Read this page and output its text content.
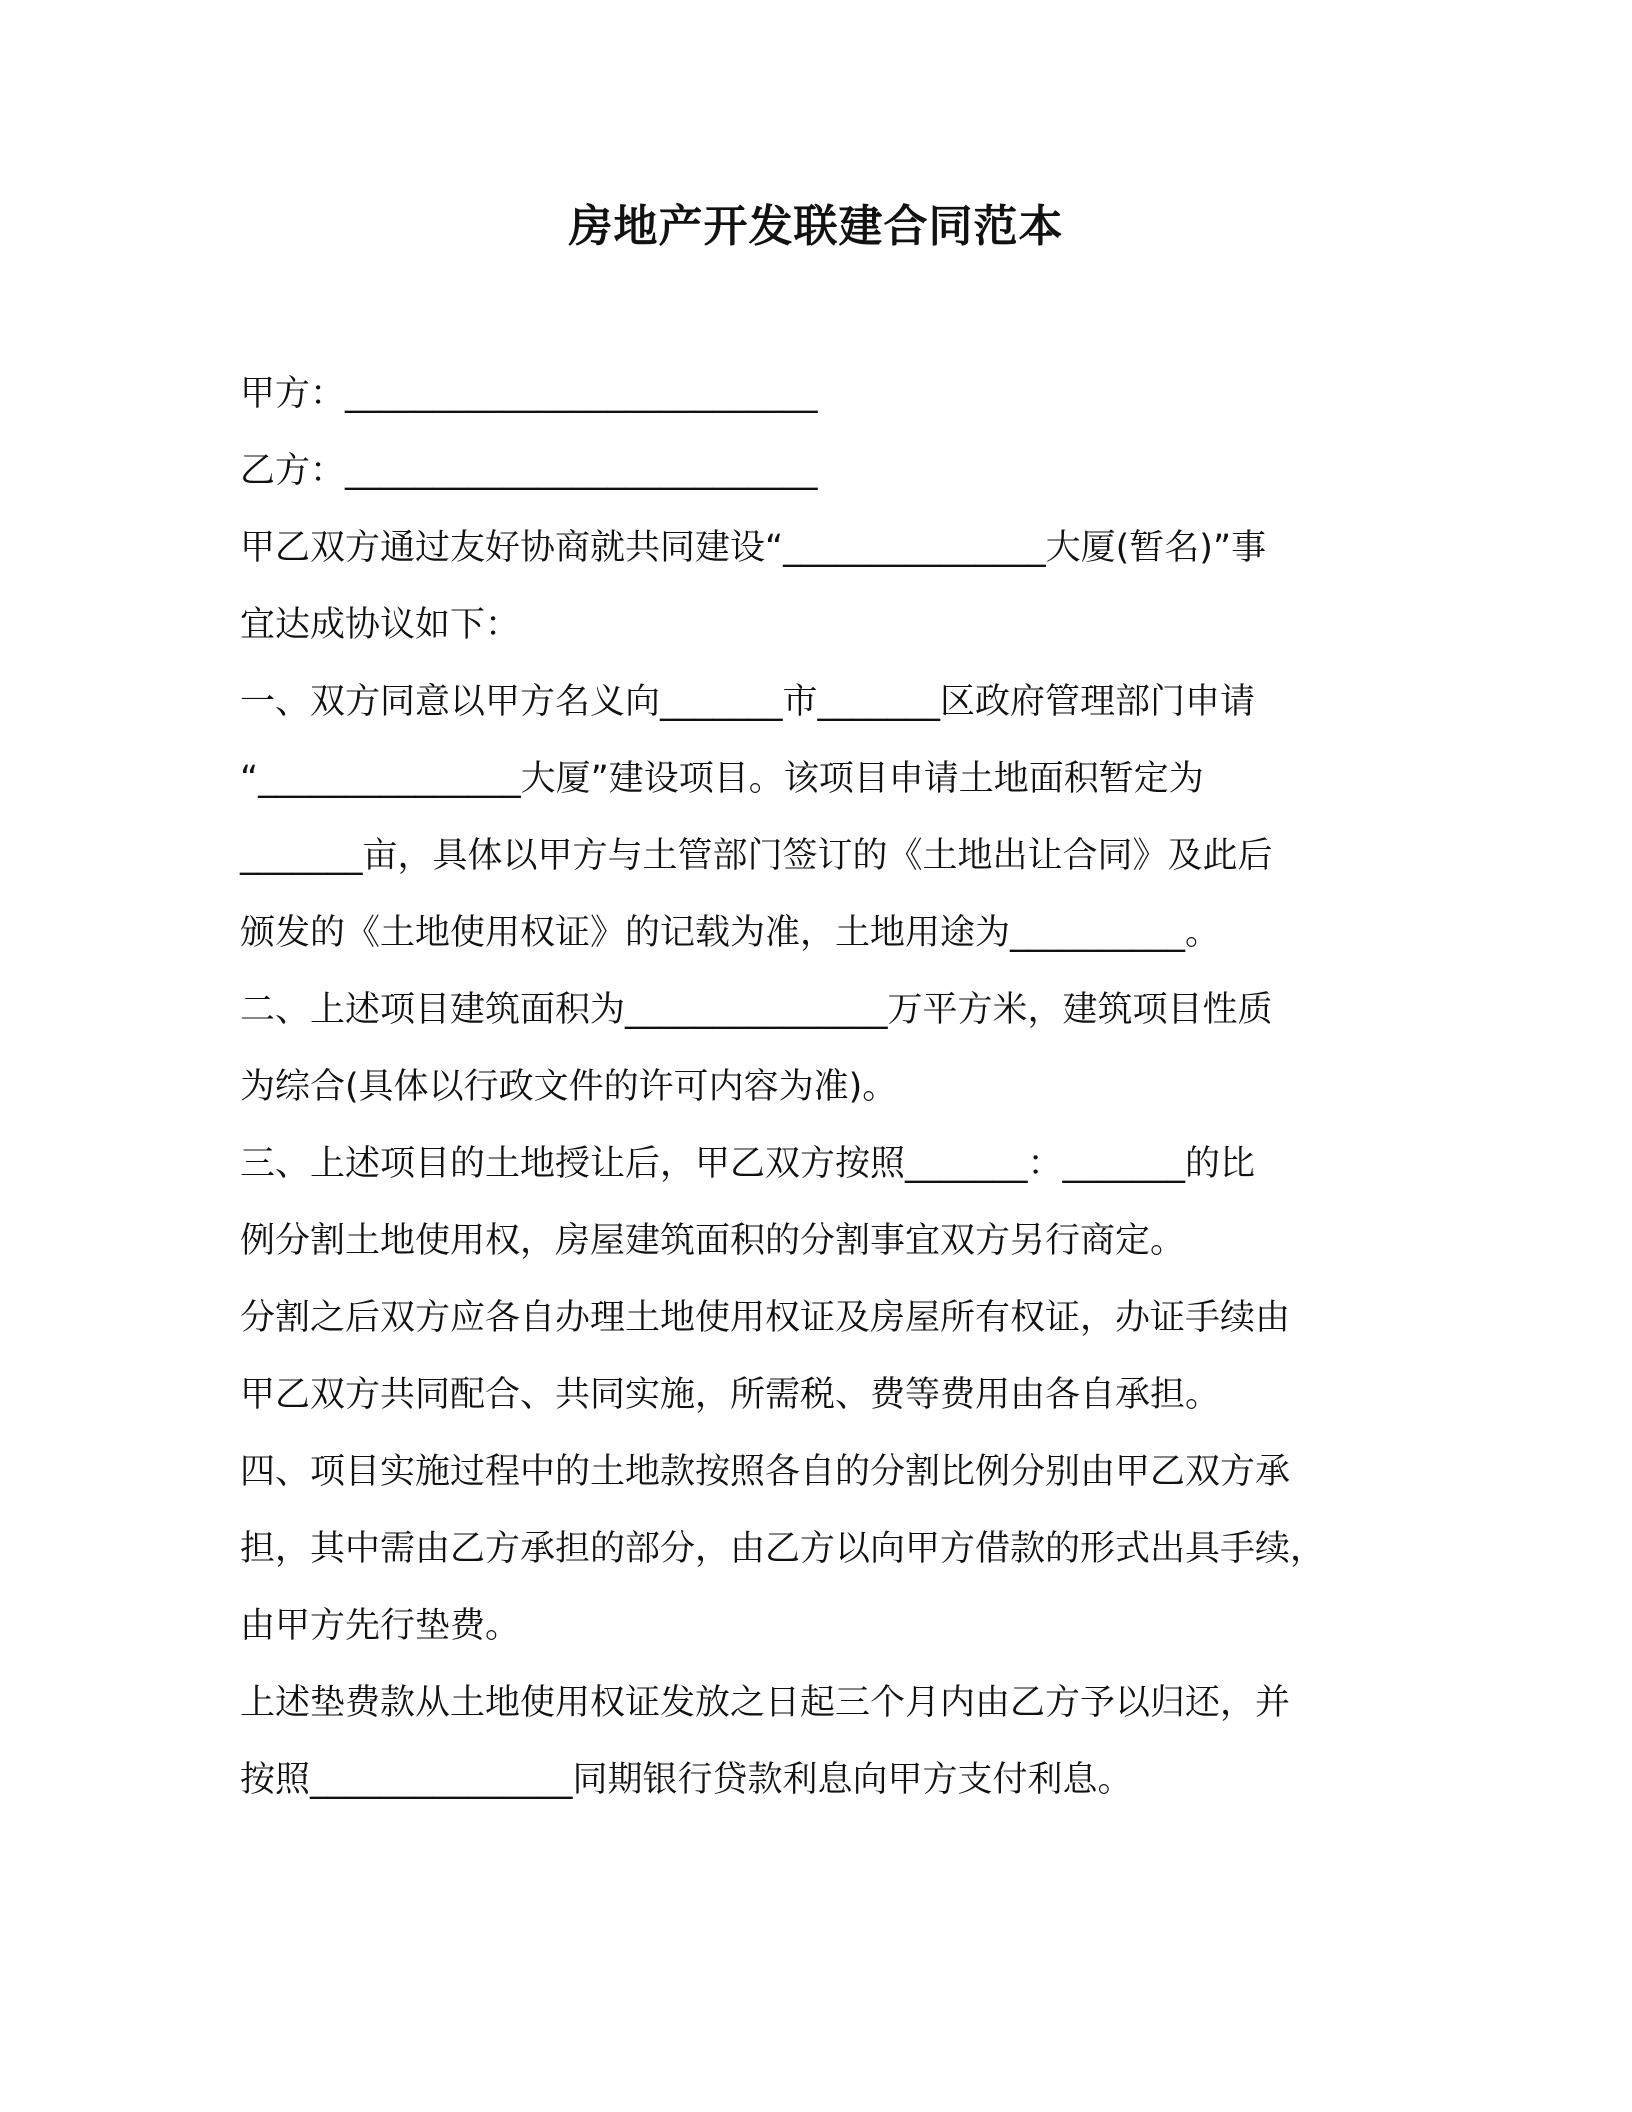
房地产开发联建合同范本
甲方：___________________________
乙方：___________________________
甲乙双方通过友好协商就共同建设“_______________大厦(暂名)”事
宜达成协议如下：
一、双方同意以甲方名义向_______市_______区政府管理部门申请
“_______________大厦”建设项目。该项目申请土地面积暂定为
_______亩，具体以甲方与土管部门签订的《土地出让合同》及此后
颁发的《土地使用权证》的记载为准，土地用途为__________。
二、上述项目建筑面积为_______________万平方米，建筑项目性质
为综合(具体以行政文件的许可内容为准)。
三、上述项目的土地授让后，甲乙双方按照_______：_______的比
例分割土地使用权，房屋建筑面积的分割事宜双方另行商定。
分割之后双方应各自办理土地使用权证及房屋所有权证，办证手续由
甲乙双方共同配合、共同实施，所需税、费等费用由各自承担。
四、项目实施过程中的土地款按照各自的分割比例分别由甲乙双方承
担，其中需由乙方承担的部分，由乙方以向甲方借款的形式出具手续，
由甲方先行垫费。
上述垫费款从土地使用权证发放之日起三个月内由乙方予以归还，并
按照_______________同期银行贷款利息向甲方支付利息。
